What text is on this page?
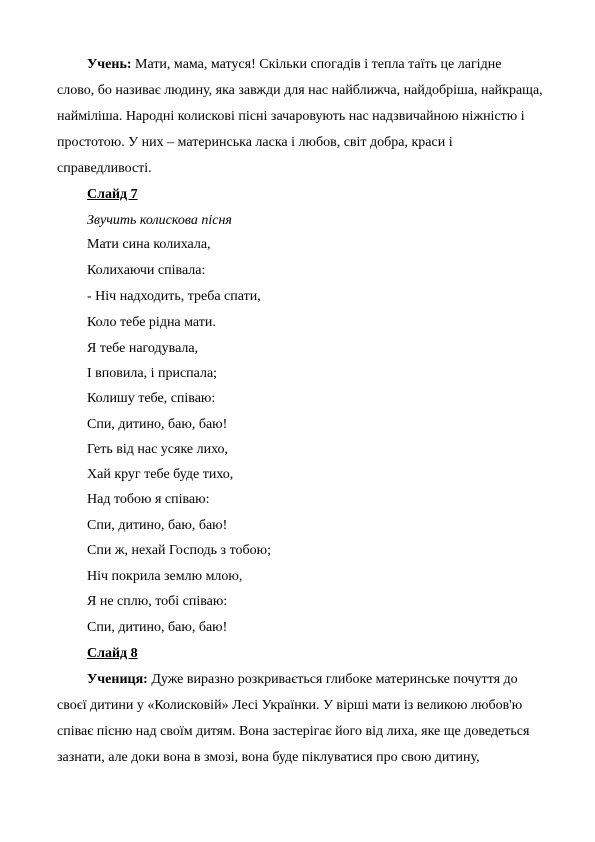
Учень: Мати, мама, матуся! Скільки спогадів і тепла таїть це лагідне
слово, бо називає людину, яка завжди для нас найближча, найдобріша, найкраща,
найміліша. Народні колискові пісні зачаровують нас надзвичайною ніжністю і
простотою. У них – материнська ласка і любов, світ добра, краси і
справедливості.
Слайд 7
Звучить колискова пісня
Мати сина колихала,
Колихаючи співала:
- Ніч надходить, треба спати,
Коло тебе рідна мати.
Я тебе нагодувала,
І вповила, і приспала;
Колишу тебе, співаю:
Спи, дитино, баю, баю!
Геть від нас усяке лихо,
Хай круг тебе буде тихо,
Над тобою я співаю:
Спи, дитино, баю, баю!
Спи ж, нехай Господь з тобою;
Ніч покрила землю млою,
Я не сплю, тобі співаю:
Спи, дитино, баю, баю!
Слайд 8
Учениця: Дуже виразно розкривається глибоке материнське почуття до
своєї дитини у «Колисковій» Лесі Українки. У вірші мати із великою любов'ю
співає пісню над своїм дитям. Вона застерігає його від лиха, яке ще доведеться
зазнати, але доки вона в змозі, вона буде піклуватися про свою дитину,
